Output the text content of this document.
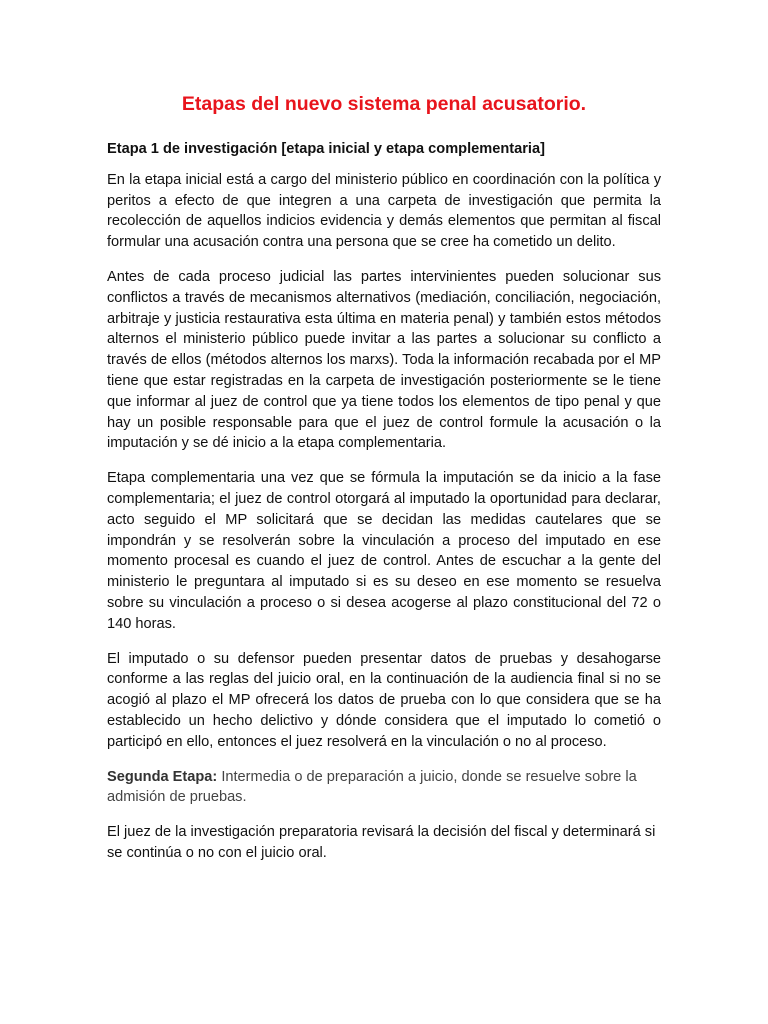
Etapas del nuevo sistema penal acusatorio.

Etapa 1 de investigación [etapa inicial y etapa complementaria]

En la etapa inicial está a cargo del ministerio público en coordinación con la política y peritos a efecto de que integren a una carpeta de investigación que permita la recolección de aquellos indicios evidencia y demás elementos que permitan al fiscal formular una acusación contra una persona que se cree ha cometido un delito.

Antes de cada proceso judicial las partes intervinientes pueden solucionar sus conflictos a través de mecanismos alternativos (mediación, conciliación, negociación, arbitraje y justicia restaurativa esta última en materia penal) y también estos métodos alternos el ministerio público puede invitar a las partes a solucionar su conflicto a través de ellos (métodos alternos los marxs). Toda la información recabada por el MP tiene que estar registradas en la carpeta de investigación posteriormente se le tiene que informar al juez de control que ya tiene todos los elementos de tipo penal y que hay un posible responsable para que el juez de control formule la acusación o la imputación y se dé inicio a la etapa complementaria.

Etapa complementaria una vez que se fórmula la imputación se da inicio a la fase complementaria; el juez de control otorgará al imputado la oportunidad para declarar, acto seguido el MP solicitará que se decidan las medidas cautelares que se impondrán y se resolverán sobre la vinculación a proceso del imputado en ese momento procesal es cuando el juez de control. Antes de escuchar a la gente del ministerio le preguntara al imputado si es su deseo en ese momento se resuelva sobre su vinculación a proceso o si desea acogerse al plazo constitucional del 72 o 140 horas.

El imputado o su defensor pueden presentar datos de pruebas y desahogarse conforme a las reglas del juicio oral, en la continuación de la audiencia final si no se acogió al plazo el MP ofrecerá los datos de prueba con lo que considera que se ha establecido un hecho delictivo y dónde considera que el imputado lo cometió o participó en ello, entonces el juez resolverá en la vinculación o no al proceso.

Segunda Etapa: Intermedia o de preparación a juicio, donde se resuelve sobre la admisión de pruebas.

El juez de la investigación preparatoria revisará la decisión del fiscal y determinará si se continúa o no con el juicio oral.
